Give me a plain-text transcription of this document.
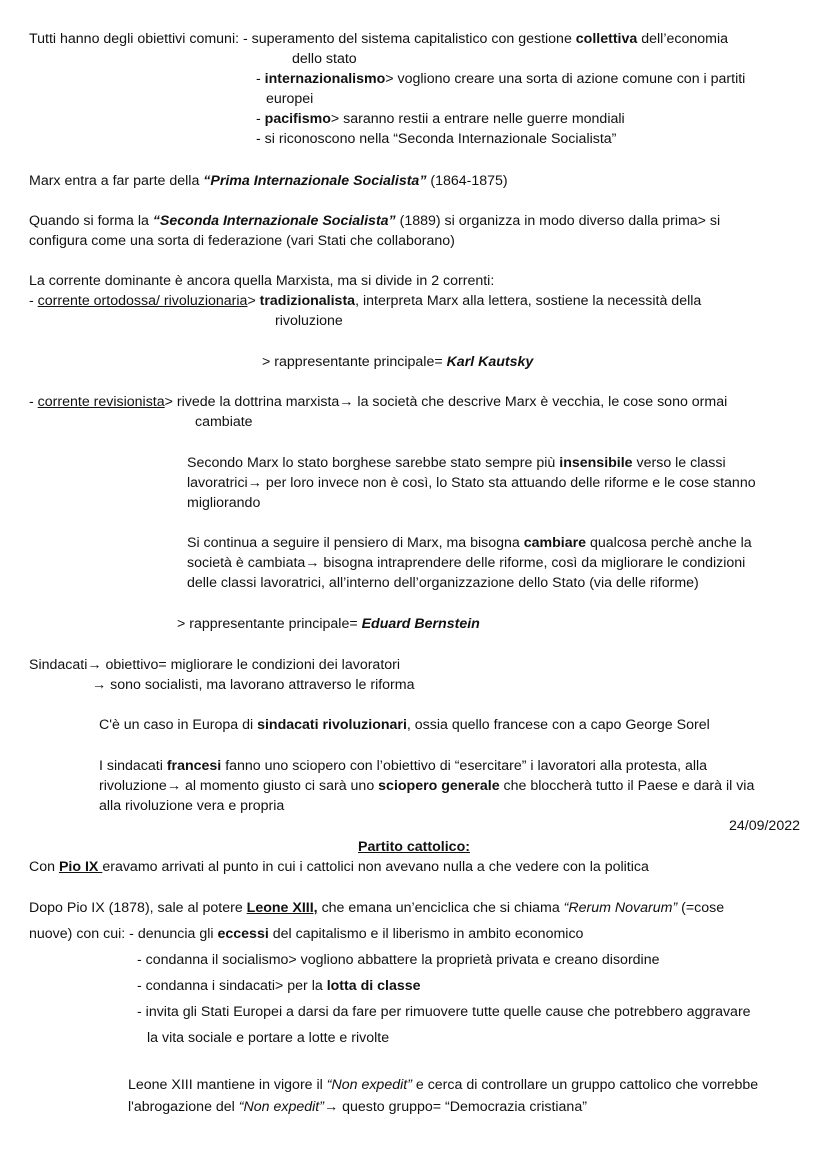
Tutti hanno degli obiettivi comuni: - superamento del sistema capitalistico con gestione collettiva dell’economia
dello stato
- internazionalismo> vogliono creare una sorta di azione comune con i partiti
europei
- pacifismo> saranno restii a entrare nelle guerre mondiali
- si riconoscono nella “Seconda Internazionale Socialista”
Marx entra a far parte della “Prima Internazionale Socialista” (1864-1875)
Quando si forma la “Seconda Internazionale Socialista” (1889) si organizza in modo diverso dalla prima> si
configura come una sorta di federazione (vari Stati che collaborano)
La corrente dominante è ancora quella Marxista, ma si divide in 2 correnti:
- corrente ortodossa/ rivoluzionaria> tradizionalista, interpreta Marx alla lettera, sostiene la necessità della
rivoluzione
> rappresentante principale= Karl Kautsky
- corrente revisionista> rivede la dottrina marxista→ la società che descrive Marx è vecchia, le cose sono ormai
cambiate
Secondo Marx lo stato borghese sarebbe stato sempre più insensibile verso le classi
lavoratrici→ per loro invece non è così, lo Stato sta attuando delle riforme e le cose stanno
migliorando
Si continua a seguire il pensiero di Marx, ma bisogna cambiare qualcosa perchè anche la
società è cambiata→ bisogna intraprendere delle riforme, così da migliorare le condizioni
delle classi lavoratrici, all’interno dell’organizzazione dello Stato (via delle riforme)
> rappresentante principale= Eduard Bernstein
Sindacati→ obiettivo= migliorare le condizioni dei lavoratori
→ sono socialisti, ma lavorano attraverso le riforma
C'è un caso in Europa di sindacati rivoluzionari, ossia quello francese con a capo George Sorel
I sindacati francesi fanno uno sciopero con l’obiettivo di “esercitare” i lavoratori alla protesta, alla
rivoluzione→ al momento giusto ci sarà uno sciopero generale che bloccherà tutto il Paese e darà il via
alla rivoluzione vera e propria
24/09/2022
Partito cattolico:
Con Pio IX eravamo arrivati al punto in cui i cattolici non avevano nulla a che vedere con la politica
Dopo Pio IX (1878), sale al potere Leone XIII, che emana un’enciclica che si chiama “Rerum Novarum” (=cose
nuove) con cui: - denuncia gli eccessi del capitalismo e il liberismo in ambito economico
- condanna il socialismo> vogliono abbattere la proprietà privata e creano disordine
- condanna i sindacati> per la lotta di classe
- invita gli Stati Europei a darsi da fare per rimuovere tutte quelle cause che potrebbero aggravare
la vita sociale e portare a lotte e rivolte
Leone XIII mantiene in vigore il “Non expedit” e cerca di controllare un gruppo cattolico che vorrebbe
l'abrogazione del “Non expedit”→ questo gruppo= “Democrazia cristiana”
